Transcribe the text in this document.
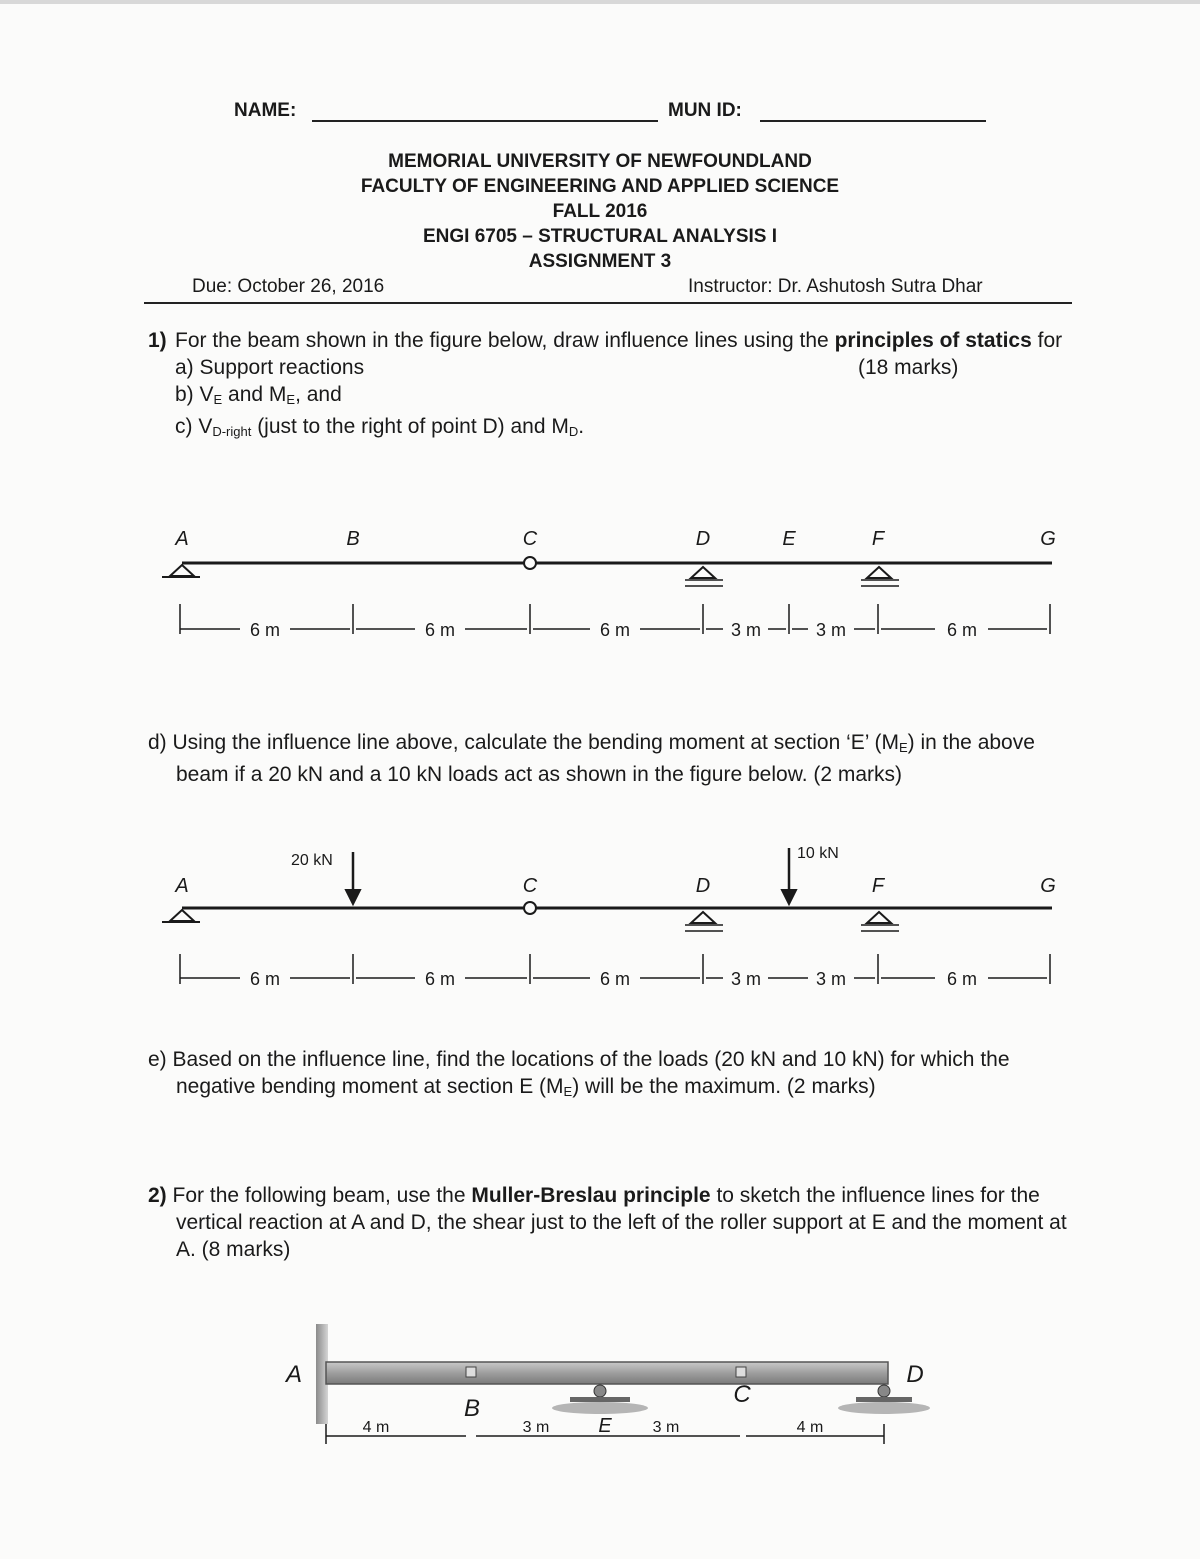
NAME:	MUN ID:
MEMORIAL UNIVERSITY OF NEWFOUNDLAND
FACULTY OF ENGINEERING AND APPLIED SCIENCE
FALL 2016
ENGI 6705 – STRUCTURAL ANALYSIS I
ASSIGNMENT 3
Due: October 26, 2016	Instructor: Dr. Ashutosh Sutra Dhar
1) For the beam shown in the figure below, draw influence lines using the principles of statics for
(18 marks)
a) Support reactions
b) $V_E$ and $M_E$, and
c) $V_{D-right}$ (just to the right of point D) and $M_D$.
A	B	C	D	E	F	G
6 m	6 m	6 m	3 m	3 m	6 m
d) Using the influence line above, calculate the bending moment at section ‘E’ $(M_E)$ in the above beam if a 20 kN and a 10 kN loads act as shown in the figure below. (2 marks)
20 kN	10 kN
A	C	D	F	G
6 m	6 m	6 m	3 m	3 m	6 m
e) Based on the influence line, find the locations of the loads (20 kN and 10 kN) for which the negative bending moment at section E $(M_E)$ will be the maximum. (2 marks)
2) For the following beam, use the Muller-Breslau principle to sketch the influence lines for the vertical reaction at A and D, the shear just to the left of the roller support at E and the moment at A. (8 marks)
A
B
E
C
D
4 m	3 m	3 m	4 m
